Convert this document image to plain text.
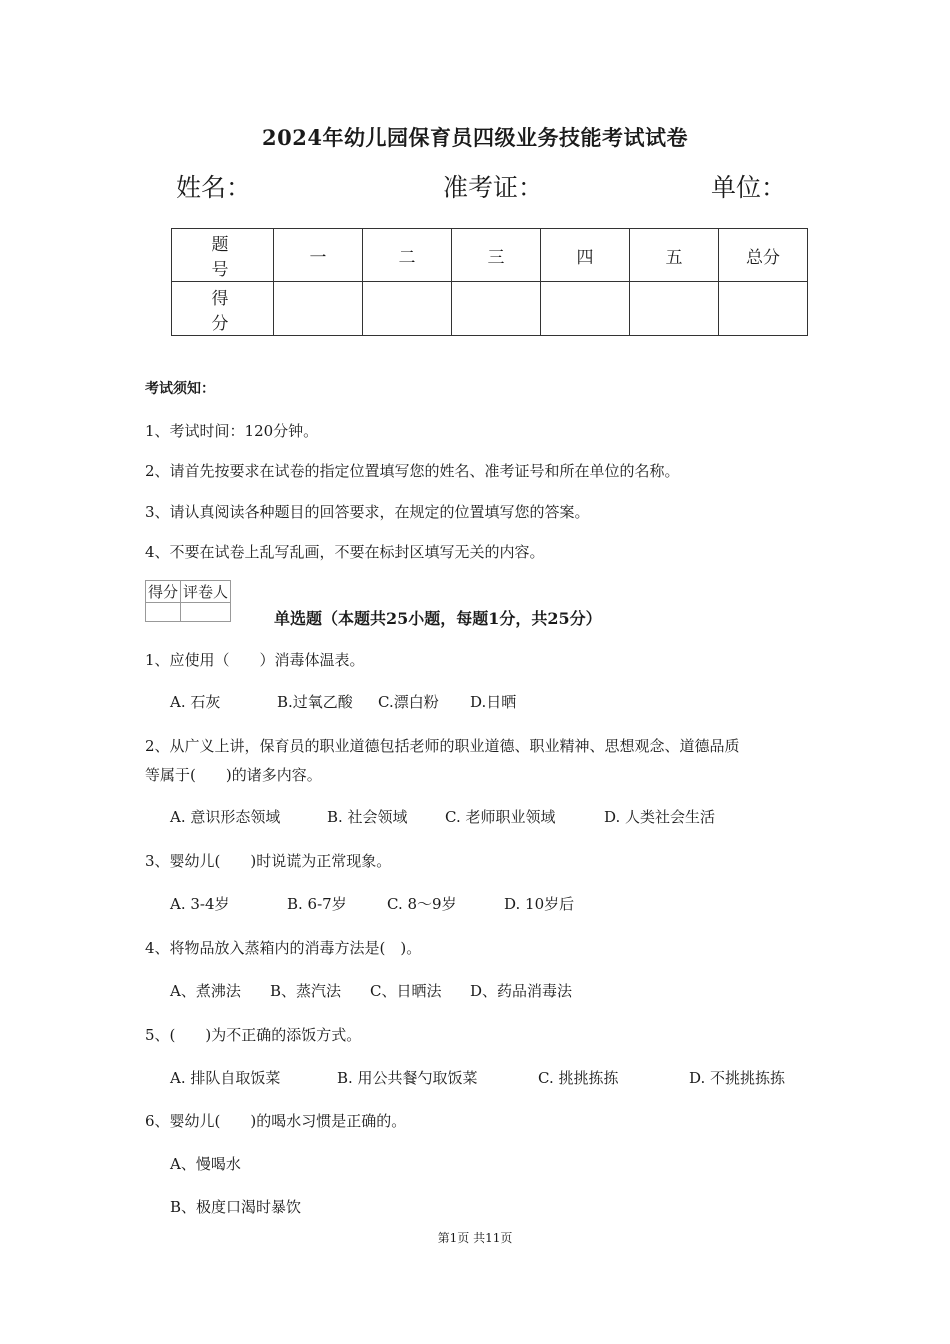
2024年幼儿园保育员四级业务技能考试试卷
姓名：	准考证：	单位：
题　号	一	二	三	四	五	总分
得　分						
考试须知：
1、考试时间：120分钟。
2、请首先按要求在试卷的指定位置填写您的姓名、准考证号和所在单位的名称。
3、请认真阅读各种题目的回答要求，在规定的位置填写您的答案。
4、不要在试卷上乱写乱画，不要在标封区填写无关的内容。
得分	评卷人

单选题（本题共25小题，每题1分，共25分）
1、应使用（　　）消毒体温表。
A. 石灰	B.过氧乙酸 C.漂白粉 D.日晒
2、从广义上讲，保育员的职业道德包括老师的职业道德、职业精神、思想观念、道德品质
等属于(　　)的诸多内容。
A. 意识形态领域	B. 社会领域 C. 老师职业领域	D. 人类社会生活
3、婴幼儿(　　)时说谎为正常现象。
A. 3-4岁	B. 6-7岁	C. 8～9岁	D. 10岁后
4、将物品放入蒸箱内的消毒方法是(　)。
A、煮沸法 B、蒸汽法 C、日晒法 D、药品消毒法
5、(　　)为不正确的添饭方式。
A. 排队自取饭菜	B. 用公共餐勺取饭菜	C. 挑挑拣拣	D. 不挑挑拣拣
6、婴幼儿(　　)的喝水习惯是正确的。
A、慢喝水
B、极度口渴时暴饮
第1页 共11页
